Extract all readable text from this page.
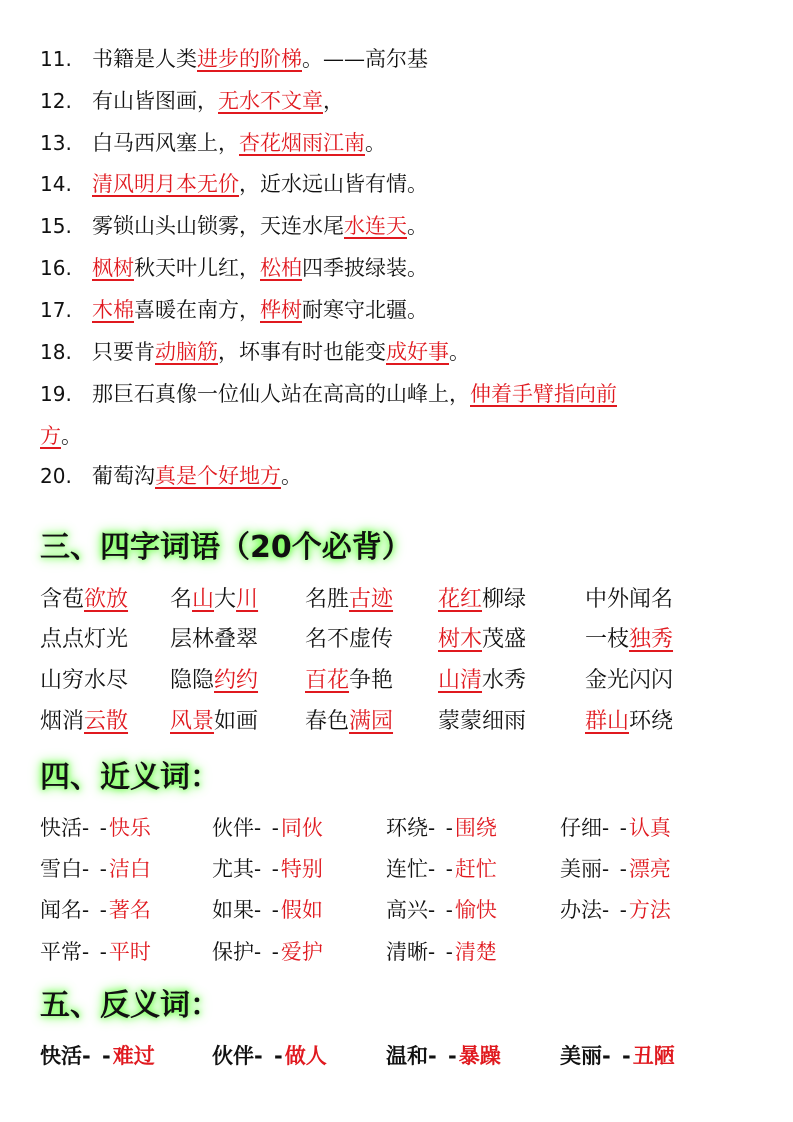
11. 书籍是人类进步的阶梯。——高尔基
12. 有山皆图画，无水不文章，
13. 白马西风塞上，杏花烟雨江南。
14. 清风明月本无价，近水远山皆有情。
15. 雾锁山头山锁雾，天连水尾水连天。
16. 枫树秋天叶儿红，松柏四季披绿装。
17. 木棉喜暖在南方，桦树耐寒守北疆。
18. 只要肯动脑筋，坏事有时也能变成好事。
19. 那巨石真像一位仙人站在高高的山峰上，伸着手臂指向前
方。
20. 葡萄沟真是个好地方。
三、四字词语（20个必背）
含苞欲放 名山大川 名胜古迹 花红柳绿	中外闻名
点点灯光 层林叠翠 名不虚传 树木茂盛	一枝独秀
山穷水尽 隐隐约约 百花争艳 山清水秀	金光闪闪
烟消云散 风景如画 春色满园 蒙蒙细雨	群山环绕
四、近义词：
快活- -快乐	伙伴- -同伙	环绕- -围绕	仔细- -认真
雪白- -洁白	尤其- -特别	连忙- -赶忙	美丽- -漂亮
闻名- -著名	如果- -假如	高兴- -愉快	办法- -方法
平常- -平时	保护- -爱护	清晰- -清楚
五、反义词：
快活- -难过	伙伴- -做人	温和- -暴躁	美丽- -丑陋
